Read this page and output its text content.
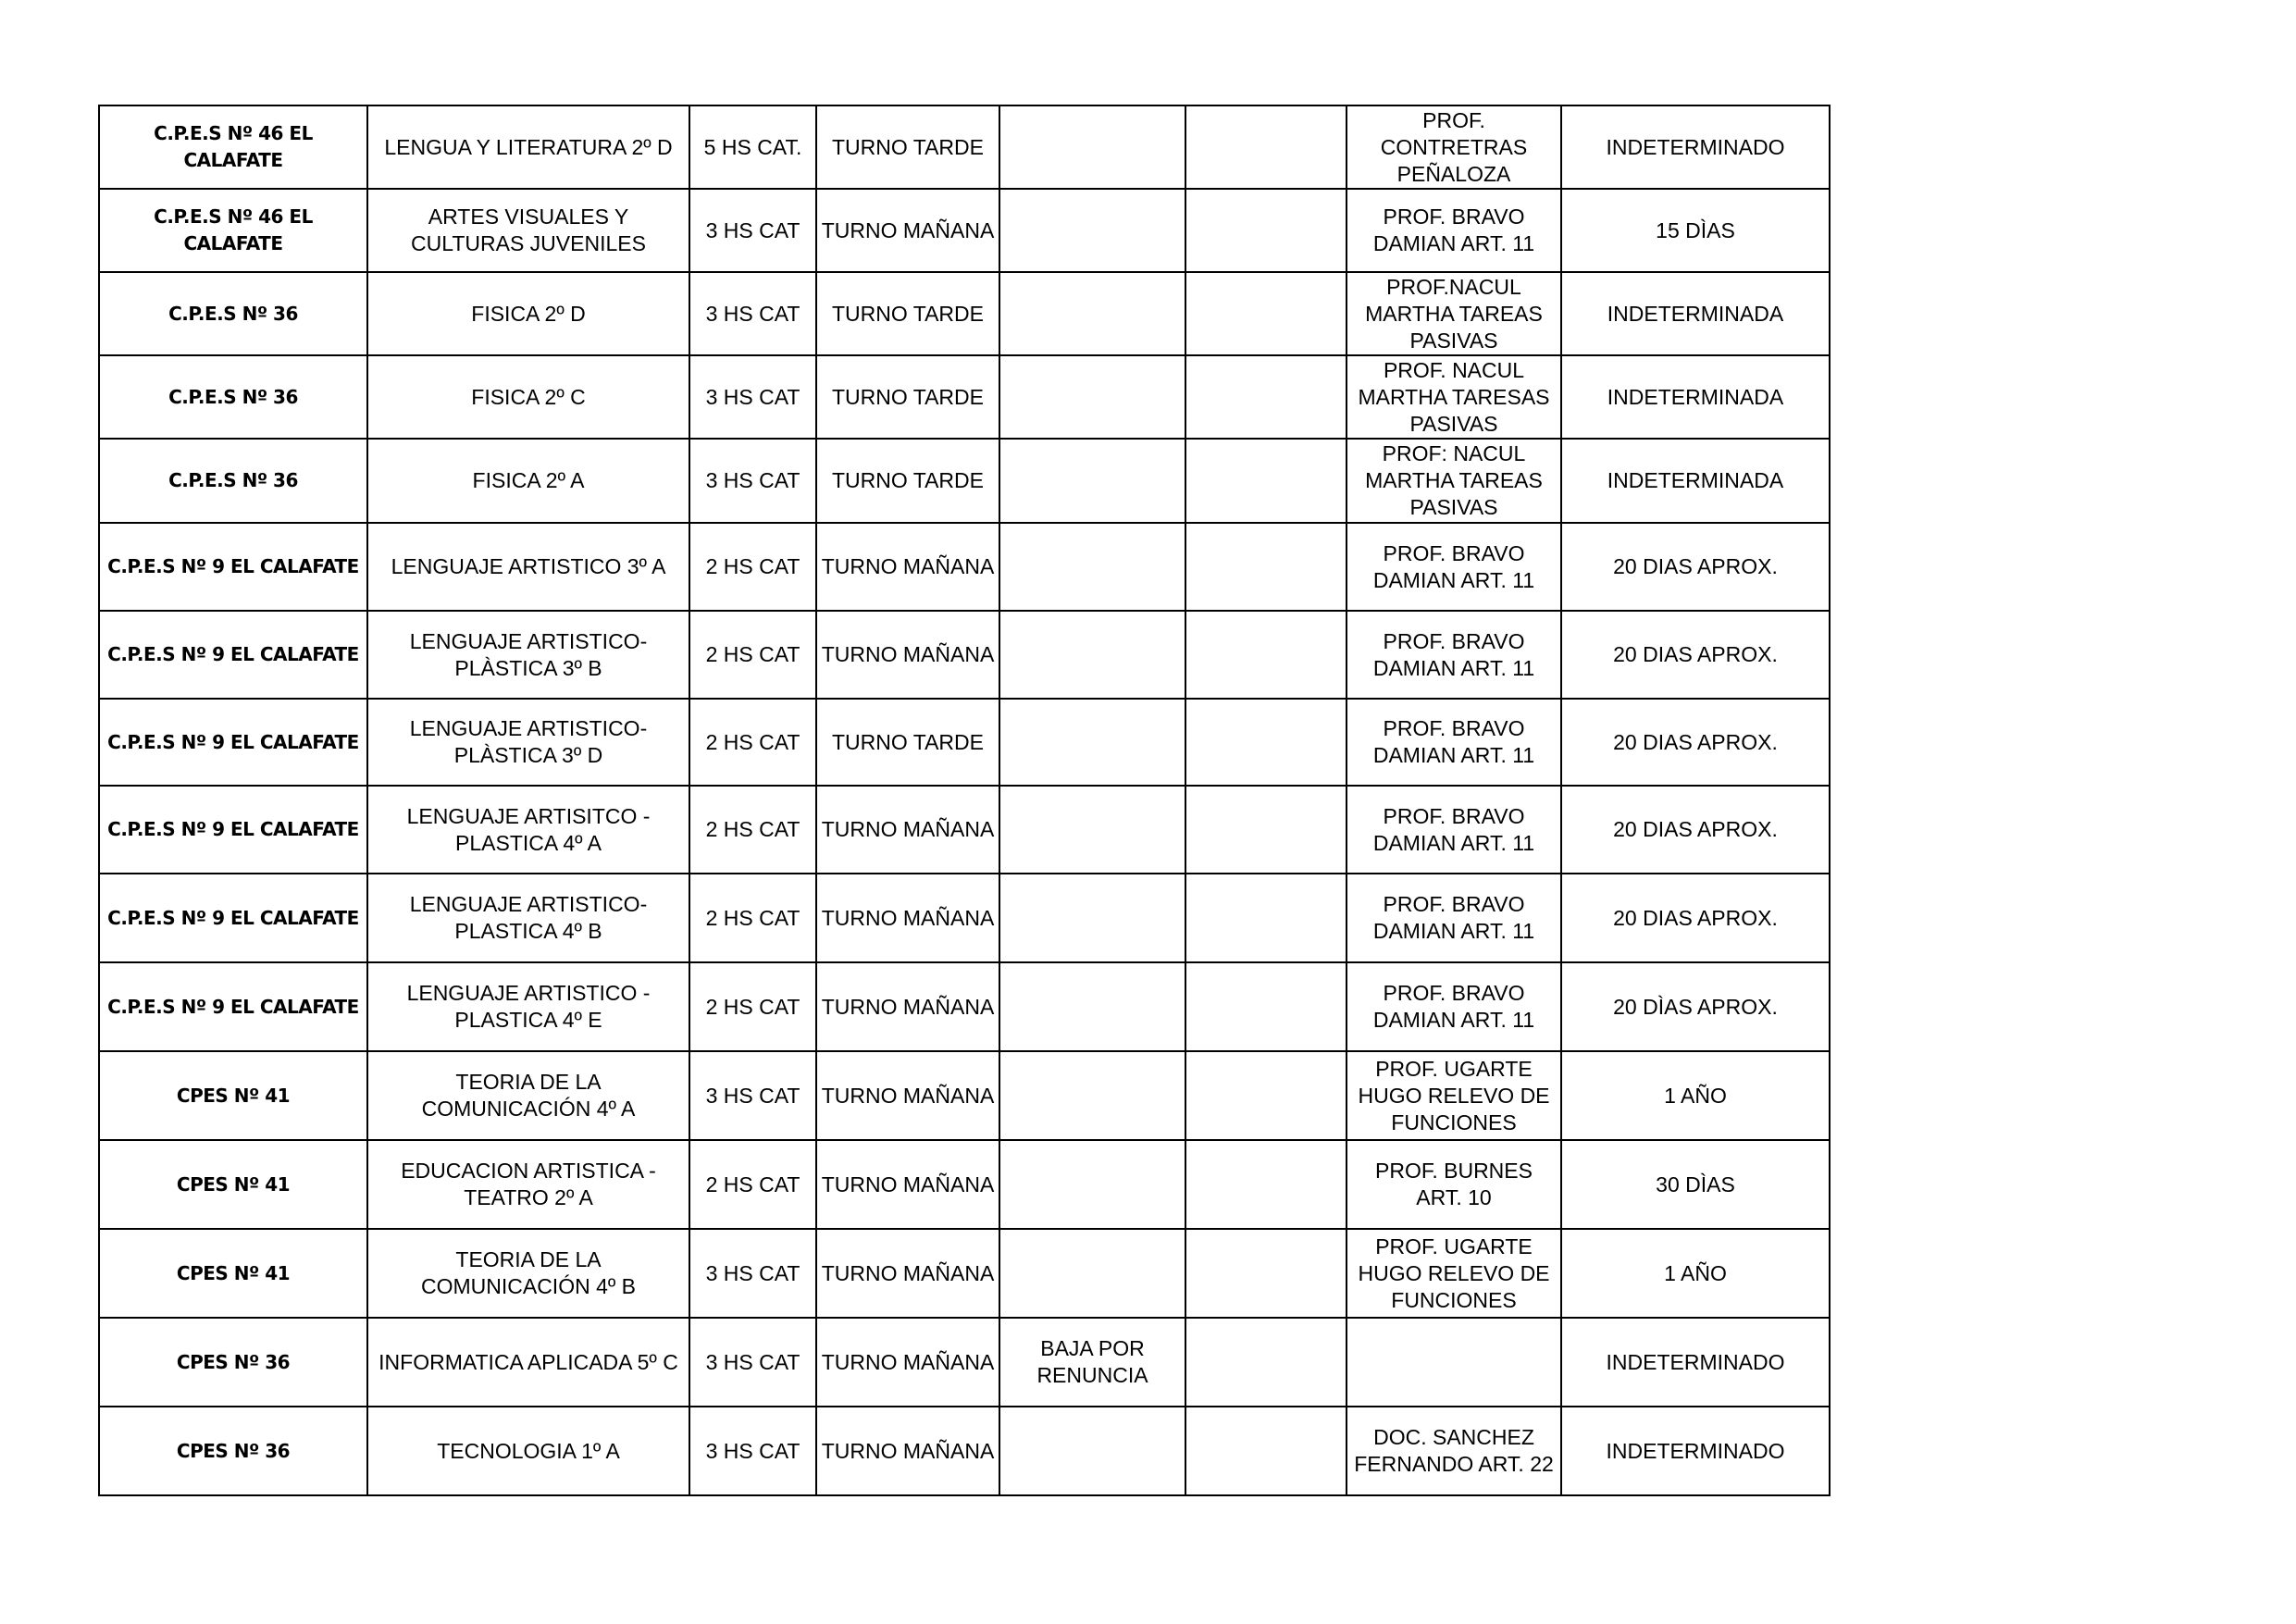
C.P.E.S Nº 46 EL CALAFATE	LENGUA Y LITERATURA 2º D	5 HS CAT.	TURNO TARDE			PROF.
CONTRETRAS
PEÑALOZA	INDETERMINADO
C.P.E.S Nº 46 EL CALAFATE	ARTES VISUALES Y
CULTURAS JUVENILES	3 HS CAT	TURNO MAÑANA			PROF. BRAVO
DAMIAN ART. 11	15 DÌAS
C.P.E.S Nº 36	FISICA 2º D	3 HS CAT	TURNO TARDE			PROF.NACUL
MARTHA TAREAS
PASIVAS	INDETERMINADA
C.P.E.S Nº 36	FISICA 2º C	3 HS CAT	TURNO TARDE			PROF. NACUL
MARTHA TARESAS
PASIVAS	INDETERMINADA
C.P.E.S Nº 36	FISICA 2º A	3 HS CAT	TURNO TARDE			PROF: NACUL
MARTHA TAREAS
PASIVAS	INDETERMINADA
C.P.E.S Nº 9 EL CALAFATE	LENGUAJE ARTISTICO 3º A	2 HS CAT	TURNO MAÑANA			PROF. BRAVO
DAMIAN ART. 11	20 DIAS APROX.
C.P.E.S Nº 9 EL CALAFATE	LENGUAJE ARTISTICO-
PLÀSTICA 3º B	2 HS CAT	TURNO MAÑANA			PROF. BRAVO
DAMIAN ART. 11	20 DIAS APROX.
C.P.E.S Nº 9 EL CALAFATE	LENGUAJE ARTISTICO-
PLÀSTICA 3º D	2 HS CAT	TURNO TARDE			PROF. BRAVO
DAMIAN ART. 11	20 DIAS APROX.
C.P.E.S Nº 9 EL CALAFATE	LENGUAJE ARTISITCO -
PLASTICA 4º A	2 HS CAT	TURNO MAÑANA			PROF. BRAVO
DAMIAN ART. 11	20 DIAS APROX.
C.P.E.S Nº 9 EL CALAFATE	LENGUAJE ARTISTICO-
PLASTICA 4º B	2 HS CAT	TURNO MAÑANA			PROF. BRAVO
DAMIAN ART. 11	20 DIAS APROX.
C.P.E.S Nº 9 EL CALAFATE	LENGUAJE ARTISTICO -
PLASTICA 4º E	2 HS CAT	TURNO MAÑANA			PROF. BRAVO
DAMIAN ART. 11	20 DÌAS APROX.
CPES Nº 41	TEORIA DE LA
COMUNICACIÓN 4º A	3 HS CAT	TURNO MAÑANA			PROF. UGARTE
HUGO RELEVO DE
FUNCIONES	1 AÑO
CPES Nº 41	EDUCACION ARTISTICA -
TEATRO 2º A	2 HS CAT	TURNO MAÑANA			PROF. BURNES
ART. 10	30 DÌAS
CPES Nº 41	TEORIA DE LA
COMUNICACIÓN 4º B	3 HS CAT	TURNO MAÑANA			PROF. UGARTE
HUGO RELEVO DE
FUNCIONES	1 AÑO
CPES Nº 36	INFORMATICA APLICADA 5º C	3 HS CAT	TURNO MAÑANA	BAJA POR
RENUNCIA			INDETERMINADO
CPES Nº 36	TECNOLOGIA 1º A	3 HS CAT	TURNO MAÑANA			DOC. SANCHEZ
FERNANDO ART. 22	INDETERMINADO
